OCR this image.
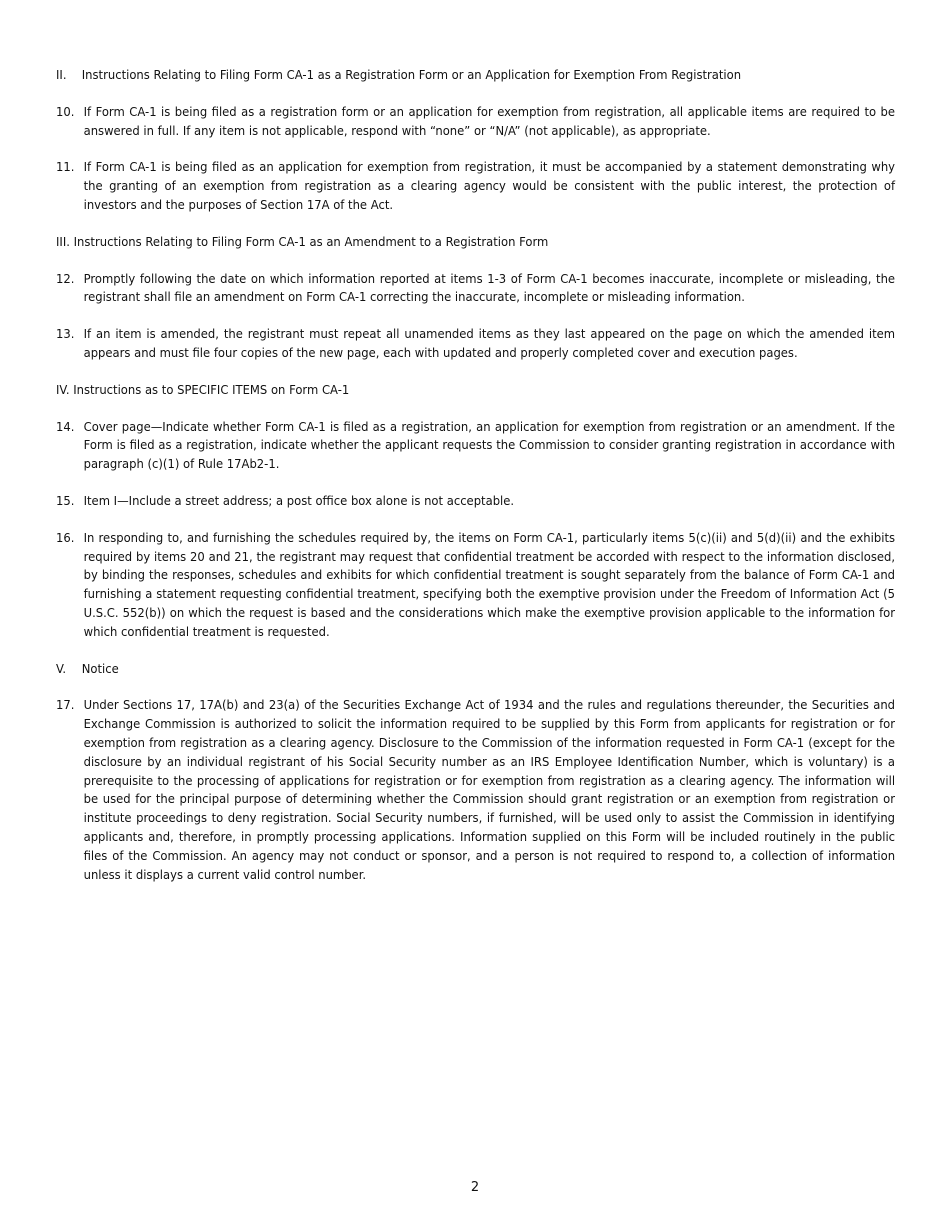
II.	Instructions Relating to Filing Form CA-1 as a Registration Form or an Application for Exemption From Registration
10. If Form CA-1 is being filed as a registration form or an application for exemption from registration, all applicable items are required to be answered in full. If any item is not applicable, respond with “none” or “N/A” (not applicable), as appropriate.
11. If Form CA-1 is being filed as an application for exemption from registration, it must be accompanied by a statement demonstrating why the granting of an exemption from registration as a clearing agency would be consistent with the public interest, the protection of investors and the purposes of Section 17A of the Act.
III. Instructions Relating to Filing Form CA-1 as an Amendment to a Registration Form
12. Promptly following the date on which information reported at items 1-3 of Form CA-1 becomes inaccurate, incomplete or misleading, the registrant shall file an amendment on Form CA-1 correcting the inaccurate, incomplete or misleading information.
13. If an item is amended, the registrant must repeat all unamended items as they last appeared on the page on which the amended item appears and must file four copies of the new page, each with updated and properly completed cover and execution pages.
IV. Instructions as to SPECIFIC ITEMS on Form CA-1
14. Cover page—Indicate whether Form CA-1 is filed as a registration, an application for exemption from registration or an amendment. If the Form is filed as a registration, indicate whether the applicant requests the Commission to consider granting registration in accordance with paragraph (c)(1) of Rule 17Ab2-1.
15. Item I—Include a street address; a post office box alone is not acceptable.
16. In responding to, and furnishing the schedules required by, the items on Form CA-1, particularly items 5(c)(ii) and 5(d)(ii) and the exhibits required by items 20 and 21, the registrant may request that confidential treatment be accorded with respect to the information disclosed, by binding the responses, schedules and exhibits for which confidential treatment is sought separately from the balance of Form CA-1 and furnishing a statement requesting confidential treatment, specifying both the exemptive provision under the Freedom of Information Act (5 U.S.C. 552(b)) on which the request is based and the considerations which make the exemptive provision applicable to the information for which confidential treatment is requested.
V.	Notice
17. Under Sections 17, 17A(b) and 23(a) of the Securities Exchange Act of 1934 and the rules and regulations thereunder, the Securities and Exchange Commission is authorized to solicit the information required to be supplied by this Form from applicants for registration or for exemption from registration as a clearing agency. Disclosure to the Commission of the information requested in Form CA-1 (except for the disclosure by an individual registrant of his Social Security number as an IRS Employee Identification Number, which is voluntary) is a prerequisite to the processing of applications for registration or for exemption from registration as a clearing agency. The information will be used for the principal purpose of determining whether the Commission should grant registration or an exemption from registration or institute proceedings to deny registration. Social Security numbers, if furnished, will be used only to assist the Commission in identifying applicants and, therefore, in promptly processing applications. Information supplied on this Form will be included routinely in the public files of the Commission. An agency may not conduct or sponsor, and a person is not required to respond to, a collection of information unless it displays a current valid control number.
2
